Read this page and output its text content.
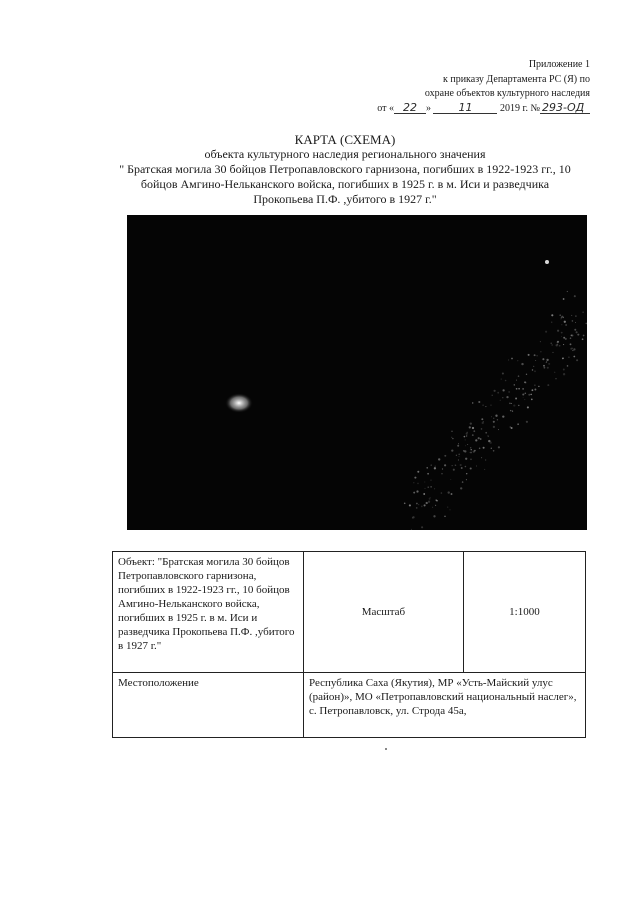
Приложение 1
к приказу Департамента РС (Я) по
охране объектов культурного наследия
от « 22 »	11	2019 г. № 293-ОД
КАРТА (СХЕМА)
объекта культурного наследия регионального значения
" Братская могила 30 бойцов Петропавловского гарнизона, погибших в 1922-1923 гг., 10
бойцов Амгино-Нельканского войска, погибших в 1925 г. в м. Иси и разведчика
Прокопьева П.Ф. ,убитого в 1927 г."
Объект: "Братская могила 30 бойцов Петропавловского гарнизона, погибших в 1922-1923 гг., 10 бойцов Амгино-Нельканского войска, погибших в 1925 г. в м. Иси и разведчика Прокопьева П.Ф. ,убитого в 1927 г."	Масштаб	1:1000
Местоположение	Республика Саха (Якутия), МР «Усть-Майский улус (район)», МО «Петропавловский национальный наслег», с. Петропавловск, ул. Строда 45а,	
